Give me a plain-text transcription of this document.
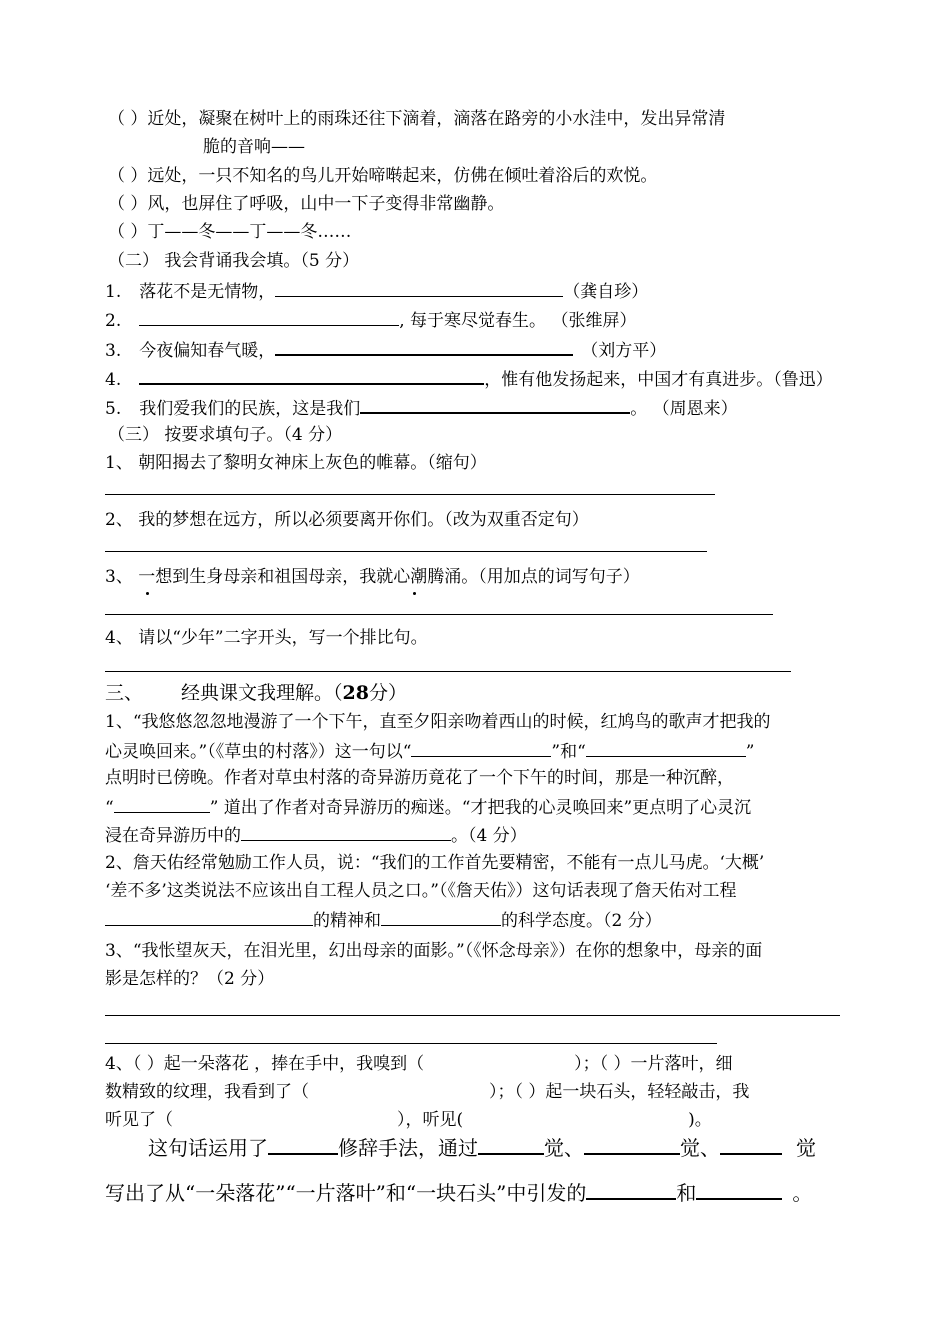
（ ）近处，凝聚在树叶上的雨珠还往下滴着，滴落在路旁的小水洼中，发出异常清
脆的音响——
（ ）远处，一只不知名的鸟儿开始啼啭起来，仿佛在倾吐着浴后的欢悦。
（ ）风，也屏住了呼吸，山中一下子变得非常幽静。
（ ）丁——冬——丁——冬……
（二） 我会背诵我会填。（5 分）
1. 落花不是无情物，	（龚自珍）
2.	, 每于寒尽觉春生。 （张维屏）
3. 今夜偏知春气暖，	（刘方平）
4.	，惟有他发扬起来，中国才有真进步。（鲁迅）
5. 我们爱我们的民族，这是我们	。 （周恩来）
（三） 按要求填句子。（4 分）
1、 朝阳揭去了黎明女神床上灰色的帷幕。（缩句）
2、 我的梦想在远方，所以必须要离开你们。（改为双重否定句）
3、 一想到生身母亲和祖国母亲，我就心潮腾涌。（用加点的词写句子）
4、 请以“少年”二字开头，写一个排比句。
三、 经典课文我理解。（28分）
1、“我悠悠忽忽地漫游了一个下午，直至夕阳亲吻着西山的时候，红鸠鸟的歌声才把我的
心灵唤回来。”（《草虫的村落》）这一句以“	”和“	”
点明时已傍晚。作者对草虫村落的奇异游历竟花了一个下午的时间，那是一种沉醉，
“	” 道出了作者对奇异游历的痴迷。“才把我的心灵唤回来”更点明了心灵沉
浸在奇异游历中的	。（4 分）
2、詹天佑经常勉励工作人员，说：“我们的工作首先要精密，不能有一点儿马虎。‘大概’
‘差不多’这类说法不应该出自工程人员之口。”（《詹天佑》）这句话表现了詹天佑对工程
的精神和	的科学态度。（2 分）
3、“我怅望灰天，在泪光里，幻出母亲的面影。”（《怀念母亲》）在你的想象中，母亲的面
影是怎样的？（2 分）
4、（ ）起一朵落花 ，捧在手中，我嗅到（	）；（ ）一片落叶，细
数精致的纹理，我看到了（	）；（ ）起一块石头，轻轻敲击，我
听见了（	），听见(	)。
这句话运用了	修辞手法，通过	觉、	觉、	觉
写出了从“一朵落花”“一片落叶”和“一块石头”中引发的	和	。
